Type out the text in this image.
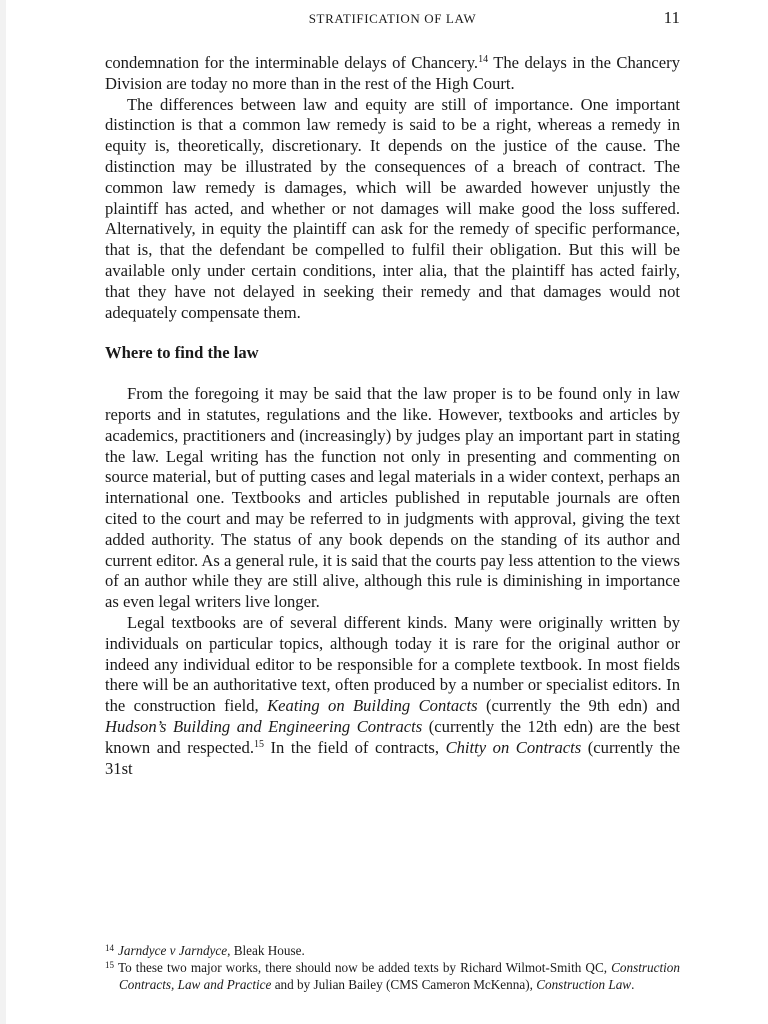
STRATIFICATION OF LAW	11

condemnation for the interminable delays of Chancery.$^{14}$ The delays in the Chancery Division are today no more than in the rest of the High Court.

The differences between law and equity are still of importance. One important distinction is that a common law remedy is said to be a right, whereas a remedy in equity is, theoretically, discretionary. It depends on the justice of the cause. The distinction may be illustrated by the consequences of a breach of contract. The common law remedy is damages, which will be awarded however unjustly the plaintiff has acted, and whether or not damages will make good the loss suffered. Alternatively, in equity the plaintiff can ask for the remedy of specific performance, that is, that the defendant be compelled to fulfil their obligation. But this will be available only under certain conditions, inter alia, that the plaintiff has acted fairly, that they have not delayed in seeking their remedy and that damages would not adequately compensate them.

Where to find the law

From the foregoing it may be said that the law proper is to be found only in law reports and in statutes, regulations and the like. However, textbooks and articles by academics, practitioners and (increasingly) by judges play an important part in stating the law. Legal writing has the function not only in presenting and commenting on source material, but of putting cases and legal materials in a wider context, perhaps an international one. Textbooks and articles published in reputable journals are often cited to the court and may be referred to in judgments with approval, giving the text added authority. The status of any book depends on the standing of its author and current editor. As a general rule, it is said that the courts pay less attention to the views of an author while they are still alive, although this rule is diminishing in importance as even legal writers live longer.

Legal textbooks are of several different kinds. Many were originally written by individuals on particular topics, although today it is rare for the original author or indeed any individual editor to be responsible for a complete textbook. In most fields there will be an authoritative text, often produced by a number or specialist editors. In the construction field, Keating on Building Contacts (currently the 9th edn) and Hudson’s Building and Engineering Contracts (currently the 12th edn) are the best known and respected.$^{15}$ In the field of contracts, Chitty on Contracts (currently the 31st

$^{14}$ Jarndyce v Jarndyce, Bleak House.

$^{15}$ To these two major works, there should now be added texts by Richard Wilmot-Smith QC, Construction Contracts, Law and Practice and by Julian Bailey (CMS Cameron McKenna), Construction Law.
